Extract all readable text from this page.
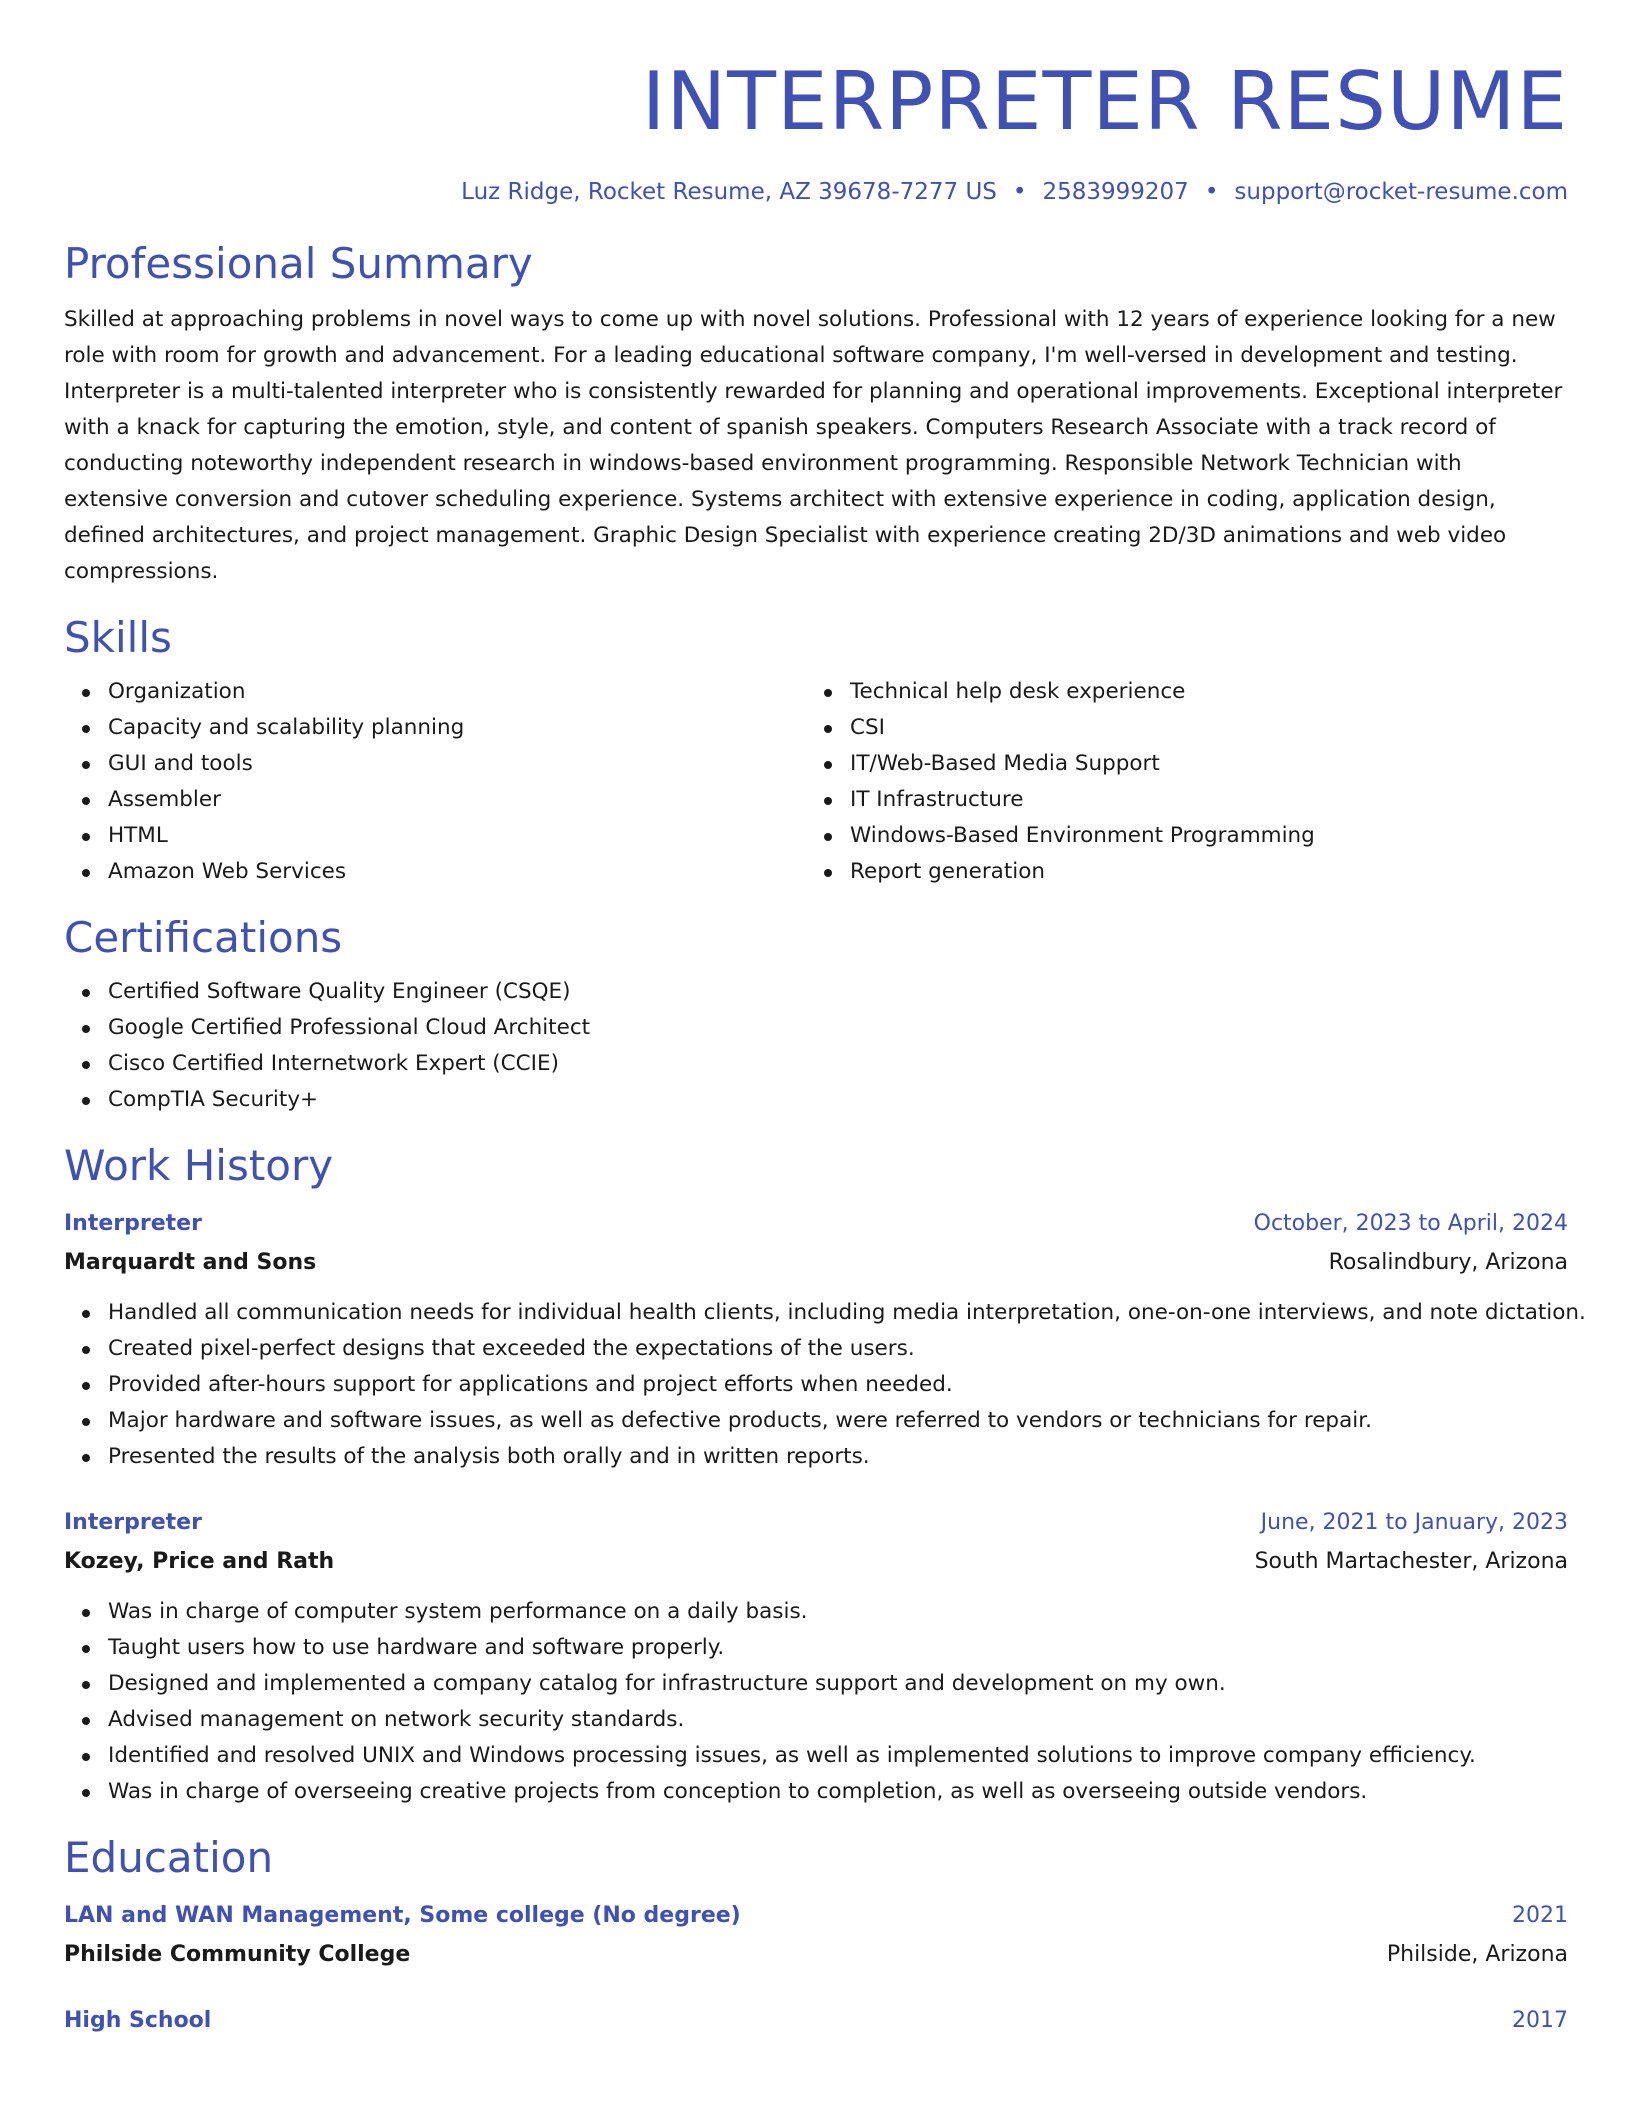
INTERPRETER RESUME
Luz Ridge, Rocket Resume, AZ 39678-7277 US • 2583999207 • support@rocket-resume.com
Professional Summary

Skilled at approaching problems in novel ways to come up with novel solutions. Professional with 12 years of experience looking for a new role with room for growth and advancement. For a leading educational software company, I'm well-versed in development and testing. Interpreter is a multi-talented interpreter who is consistently rewarded for planning and operational improvements. Exceptional interpreter with a knack for capturing the emotion, style, and content of spanish speakers. Computers Research Associate with a track record of conducting noteworthy independent research in windows-based environment programming. Responsible Network Technician with extensive conversion and cutover scheduling experience. Systems architect with extensive experience in coding, application design, defined architectures, and project management. Graphic Design Specialist with experience creating 2D/3D animations and web video compressions.

Skills
Organization
Capacity and scalability planning
GUI and tools
Assembler
HTML
Amazon Web Services
Technical help desk experience
CSI
IT/Web-Based Media Support
IT Infrastructure
Windows-Based Environment Programming
Report generation
Certifications
Certified Software Quality Engineer (CSQE)
Google Certified Professional Cloud Architect
Cisco Certified Internetwork Expert (CCIE)
CompTIA Security+
Work History
Interpreter	October, 2023 to April, 2024
Marquardt and Sons	Rosalindbury, Arizona
Handled all communication needs for individual health clients, including media interpretation, one-on-one interviews, and note dictation.
Created pixel-perfect designs that exceeded the expectations of the users.
Provided after-hours support for applications and project efforts when needed.
Major hardware and software issues, as well as defective products, were referred to vendors or technicians for repair.
Presented the results of the analysis both orally and in written reports.
Interpreter	June, 2021 to January, 2023
Kozey, Price and Rath	South Martachester, Arizona
Was in charge of computer system performance on a daily basis.
Taught users how to use hardware and software properly.
Designed and implemented a company catalog for infrastructure support and development on my own.
Advised management on network security standards.
Identified and resolved UNIX and Windows processing issues, as well as implemented solutions to improve company efficiency.
Was in charge of overseeing creative projects from conception to completion, as well as overseeing outside vendors.
Education
LAN and WAN Management, Some college (No degree)	2021
Philside Community College	Philside, Arizona
High School	2017
